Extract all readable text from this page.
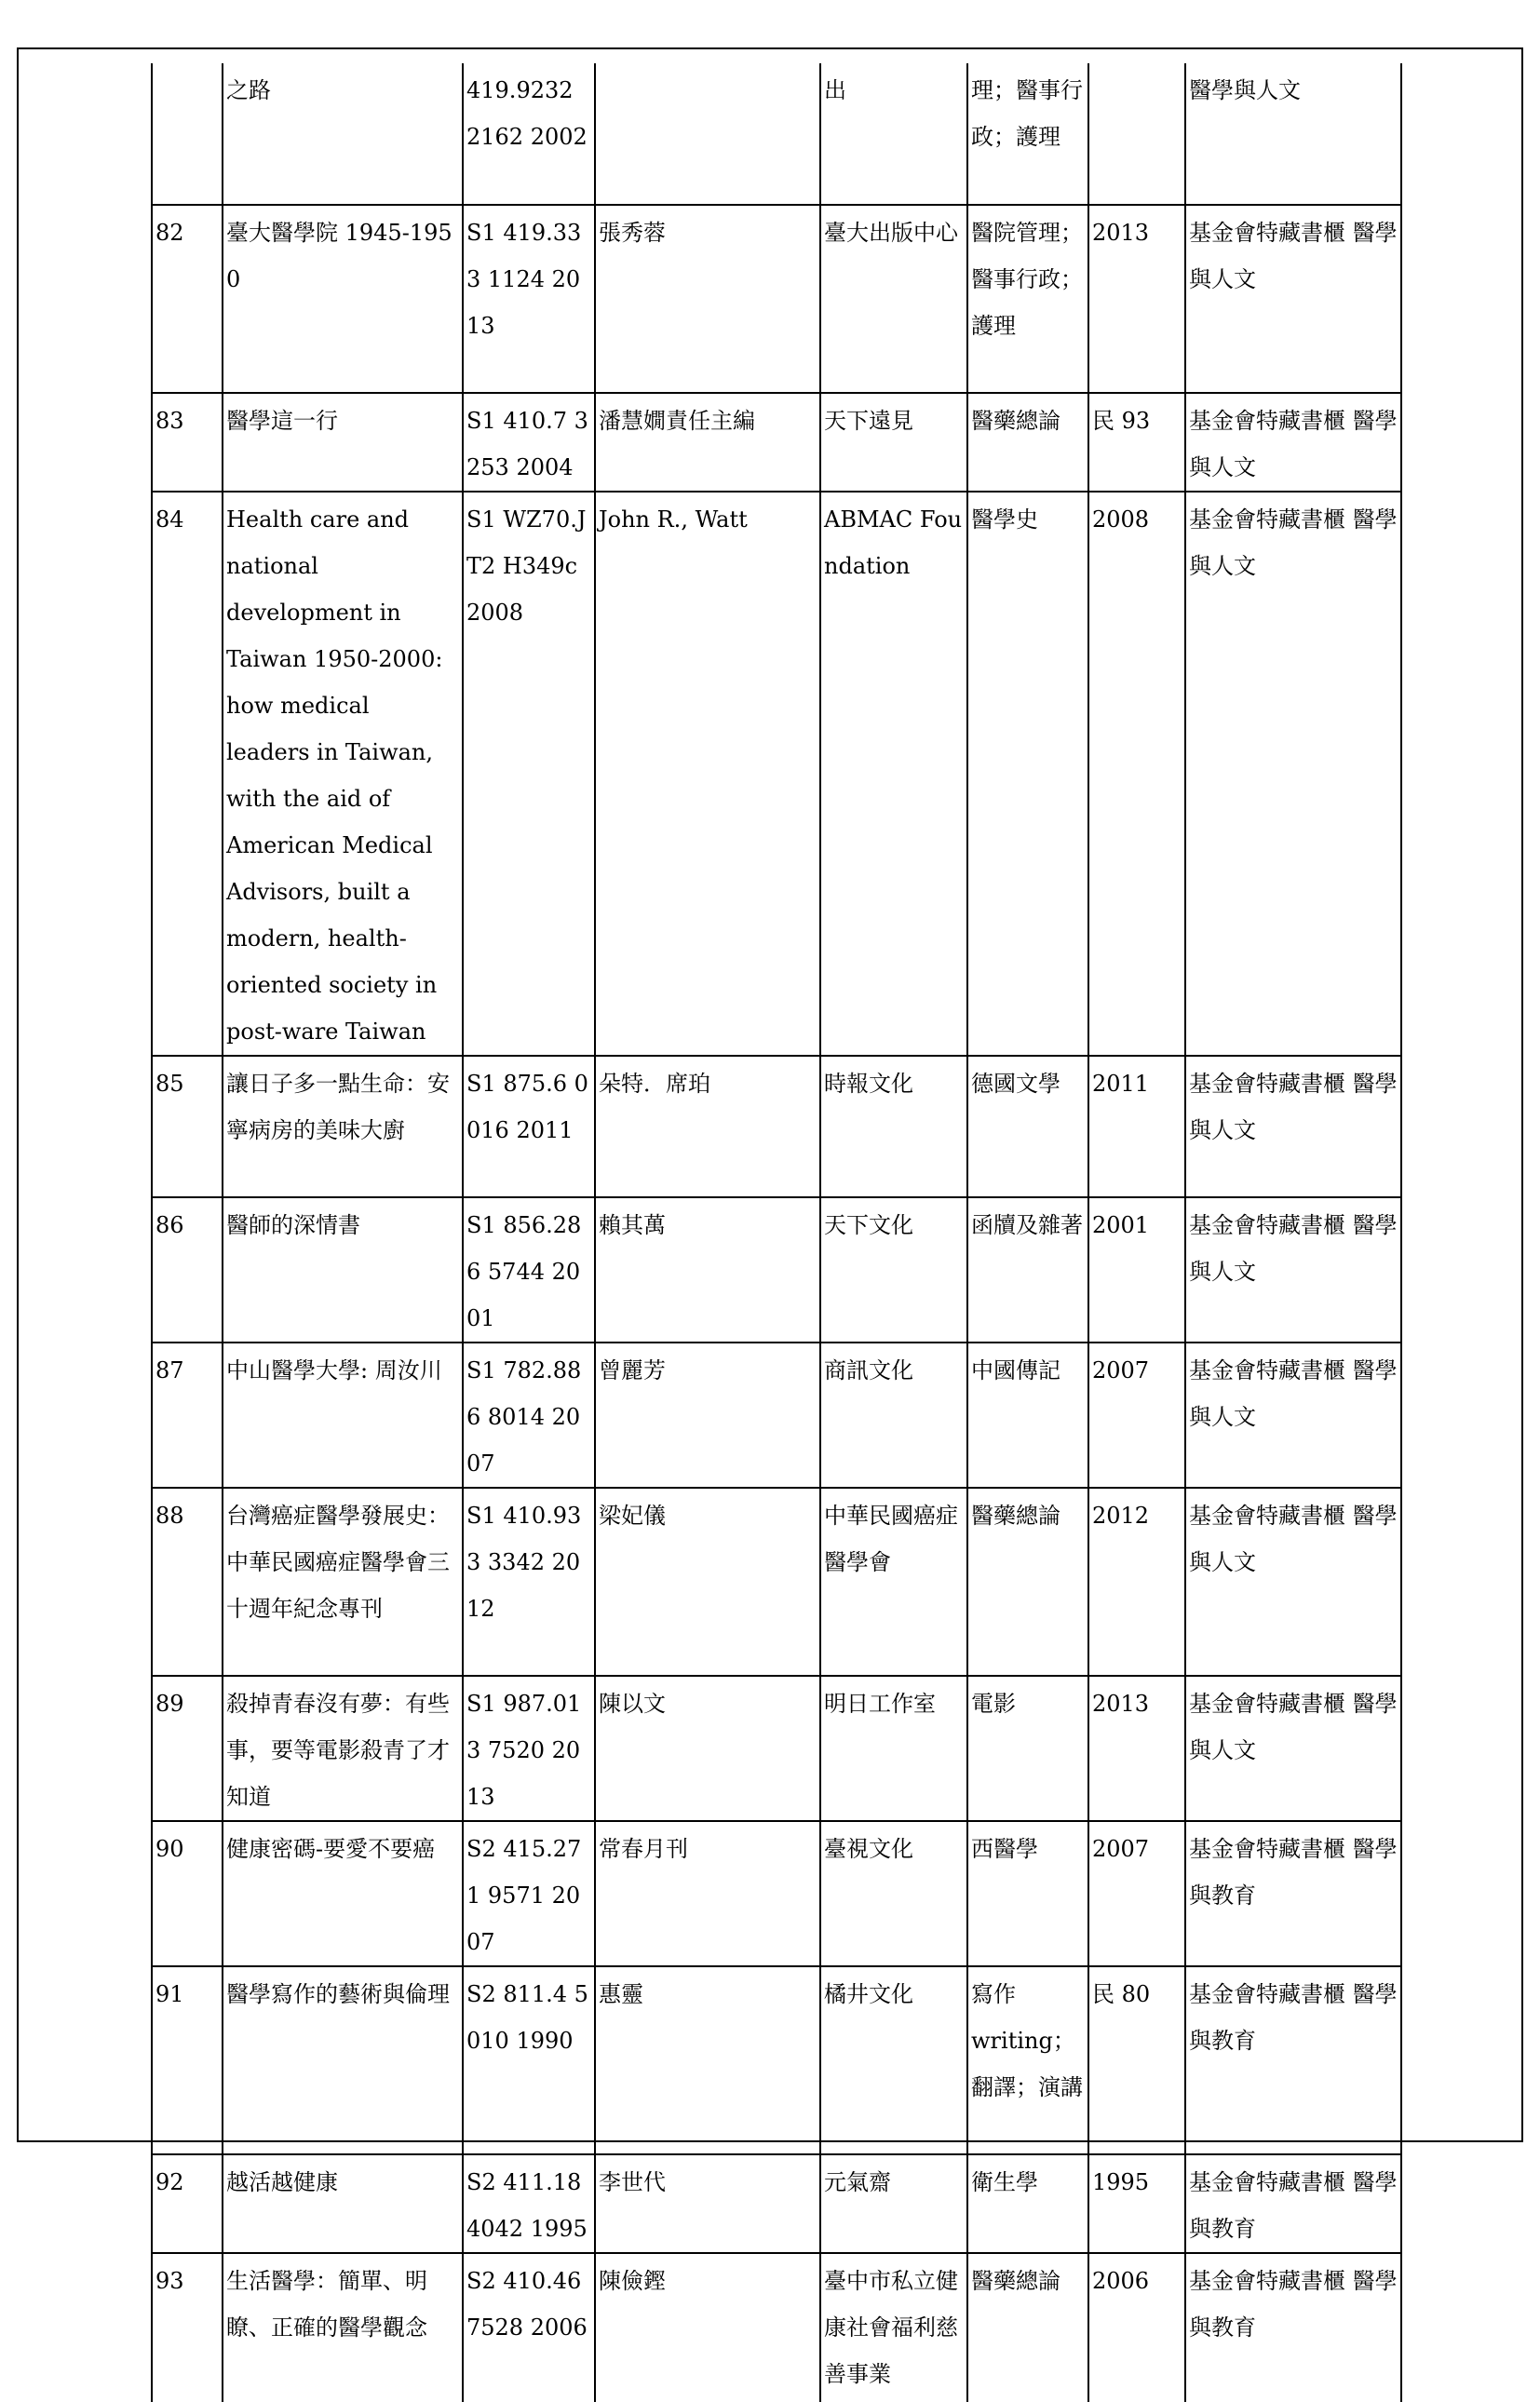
	之路	419.9232 2162 2002		出	理；醫事行政；護理		醫學與人文
82	臺大醫學院 1945-1950	S1 419.333 1124 2013	張秀蓉	臺大出版中心	醫院管理；醫事行政；護理	2013	基金會特藏書櫃 醫學與人文
83	醫學這一行	S1 410.7 3253 2004	潘慧嫺責任主編	天下遠見	醫藥總論	民 93	基金會特藏書櫃 醫學與人文
84	Health care and national development in Taiwan 1950-2000: how medical leaders in Taiwan, with the aid of American Medical Advisors, built a modern, health-oriented society in post-ware Taiwan	S1 WZ70.JT2 H349c 2008	John R., Watt	ABMAC Foundation	醫學史	2008	基金會特藏書櫃 醫學與人文
85	讓日子多一點生命：安寧病房的美味大廚	S1 875.6 0016 2011	朵特．席珀	時報文化	德國文學	2011	基金會特藏書櫃 醫學與人文
86	醫師的深情書	S1 856.286 5744 2001	賴其萬	天下文化	函牘及雜著	2001	基金會特藏書櫃 醫學與人文
87	中山醫學大學: 周汝川	S1 782.886 8014 2007	曾麗芳	商訊文化	中國傳記	2007	基金會特藏書櫃 醫學與人文
88	台灣癌症醫學發展史：中華民國癌症醫學會三十週年紀念專刊	S1 410.933 3342 2012	梁妃儀	中華民國癌症醫學會	醫藥總論	2012	基金會特藏書櫃 醫學與人文
89	殺掉青春沒有夢：有些事，要等電影殺青了才知道	S1 987.013 7520 2013	陳以文	明日工作室	電影	2013	基金會特藏書櫃 醫學與人文
90	健康密碼-要愛不要癌	S2 415.271 9571 2007	常春月刊	臺視文化	西醫學	2007	基金會特藏書櫃 醫學與教育
91	醫學寫作的藝術與倫理	S2 811.4 5010 1990	惠靈	橘井文化	寫作 writing；翻譯；演講	民 80	基金會特藏書櫃 醫學與教育
92	越活越健康	S2 411.18 4042 1995	李世代	元氣齋	衛生學	1995	基金會特藏書櫃 醫學與教育
93	生活醫學：簡單、明瞭、正確的醫學觀念	S2 410.46 7528 2006	陳儉鏗	臺中市私立健康社會福利慈善事業	醫藥總論	2006	基金會特藏書櫃 醫學與教育
